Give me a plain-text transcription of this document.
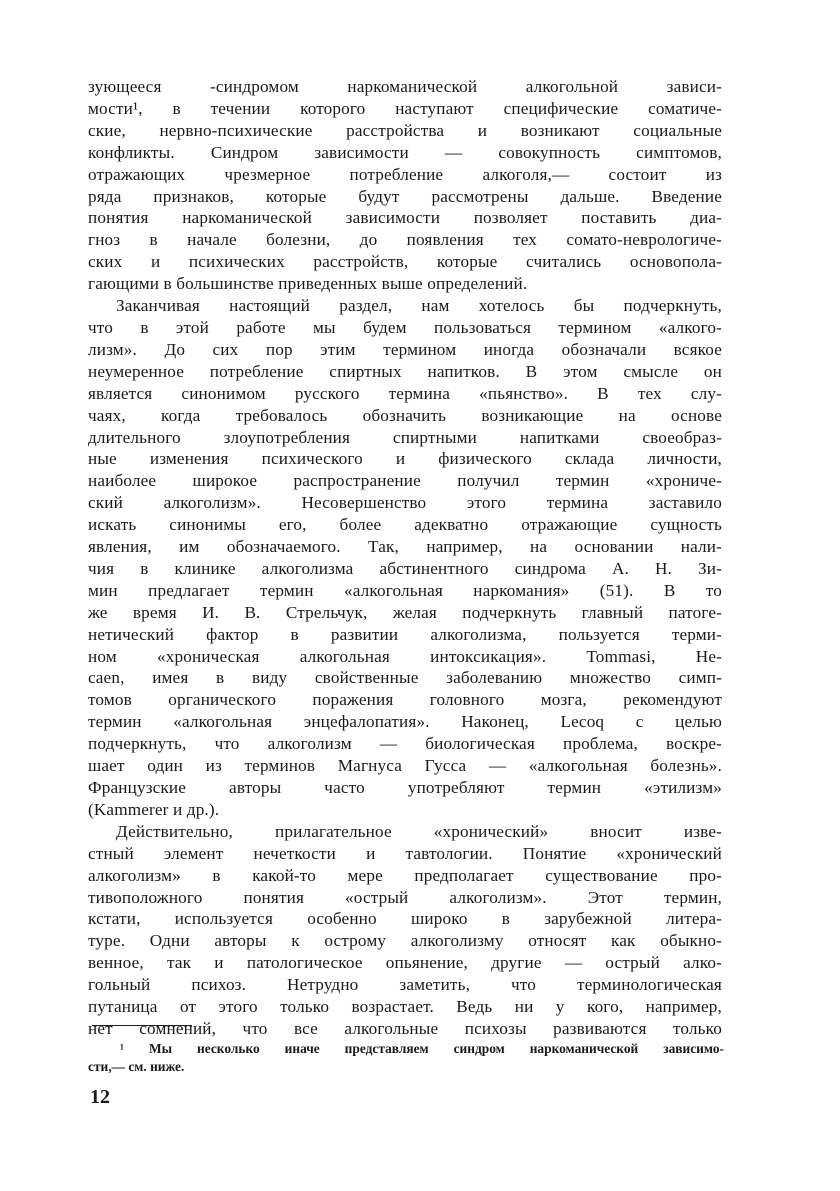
зующееся -синдромом наркоманической алкогольной зависи-
мости¹, в течении которого наступают специфические соматиче-
ские, нервно-психические расстройства и возникают социальные
конфликты. Синдром зависимости — совокупность симптомов,
отражающих чрезмерное потребление алкоголя,— состоит из
ряда признаков, которые будут рассмотрены дальше. Введение
понятия наркоманической зависимости позволяет поставить диа-
гноз в начале болезни, до появления тех сомато-неврологиче-
ских и психических расстройств, которые считались основопола-
гающими в большинстве приведенных выше определений.

Заканчивая настоящий раздел, нам хотелось бы подчеркнуть,
что в этой работе мы будем пользоваться термином «алкого-
лизм». До сих пор этим термином иногда обозначали всякое
неумеренное потребление спиртных напитков. В этом смысле он
является синонимом русского термина «пьянство». В тех слу-
чаях, когда требовалось обозначить возникающие на основе
длительного злоупотребления спиртными напитками своеобраз-
ные изменения психического и физического склада личности,
наиболее широкое распространение получил термин «хрониче-
ский алкоголизм». Несовершенство этого термина заставило
искать синонимы его, более адекватно отражающие сущность
явления, им обозначаемого. Так, например, на основании нали-
чия в клинике алкоголизма абстинентного синдрома А. Н. Зи-
мин предлагает термин «алкогольная наркомания» (51). В то
же время И. В. Стрельчук, желая подчеркнуть главный патоге-
нетический фактор в развитии алкоголизма, пользуется терми-
ном «хроническая алкогольная интоксикация». Tommasi, He-
caen, имея в виду свойственные заболеванию множество симп-
томов органического поражения головного мозга, рекомендуют
термин «алкогольная энцефалопатия». Наконец, Lecoq с целью
подчеркнуть, что алкоголизм — биологическая проблема, воскре-
шает один из терминов Магнуса Гусса — «алкогольная болезнь».
Французские авторы часто употребляют термин «этилизм»
(Kammerer и др.).

Действительно, прилагательное «хронический» вносит изве-
стный элемент нечеткости и тавтологии. Понятие «хронический
алкоголизм» в какой-то мере предполагает существование про-
тивоположного понятия «острый алкоголизм». Этот термин,
кстати, используется особенно широко в зарубежной литера-
туре. Одни авторы к острому алкоголизму относят как обыкно-
венное, так и патологическое опьянение, другие — острый алко-
гольный психоз. Нетрудно заметить, что терминологическая
путаница от этого только возрастает. Ведь ни у кого, например,
нет сомнений, что все алкогольные психозы развиваются только

¹ Мы несколько иначе представляем синдром наркоманической зависимо-
сти,— см. ниже.
12
